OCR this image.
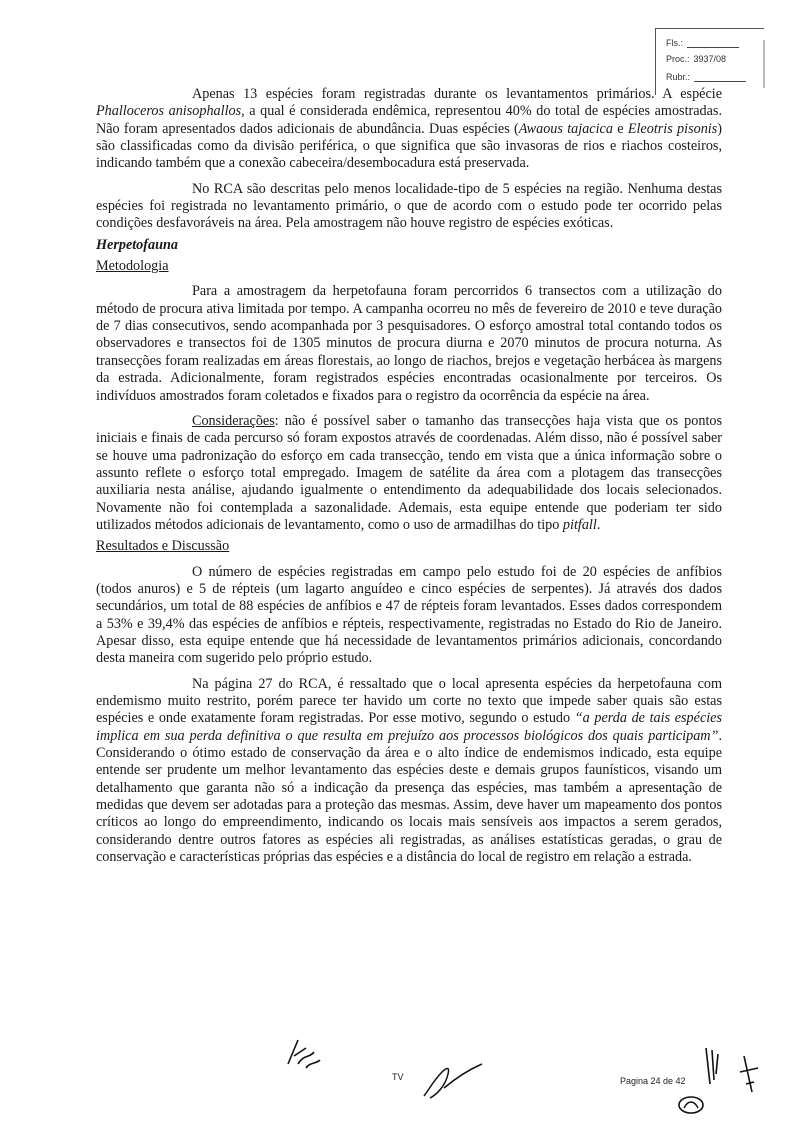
Fls.:
Proc.: 3937/08
Rubr.:

Apenas 13 espécies foram registradas durante os levantamentos primários. A espécie Phalloceros anisophallos, a qual é considerada endêmica, representou 40% do total de espécies amostradas. Não foram apresentados dados adicionais de abundância. Duas espécies (Awaous tajacica e Eleotris pisonis) são classificadas como da divisão periférica, o que significa que são invasoras de rios e riachos costeiros, indicando também que a conexão cabeceira/desembocadura está preservada.

No RCA são descritas pelo menos localidade-tipo de 5 espécies na região. Nenhuma destas espécies foi registrada no levantamento primário, o que de acordo com o estudo pode ter ocorrido pelas condições desfavoráveis na área. Pela amostragem não houve registro de espécies exóticas.

Herpetofauna

Metodologia

Para a amostragem da herpetofauna foram percorridos 6 transectos com a utilização do método de procura ativa limitada por tempo. A campanha ocorreu no mês de fevereiro de 2010 e teve duração de 7 dias consecutivos, sendo acompanhada por 3 pesquisadores. O esforço amostral total contando todos os observadores e transectos foi de 1305 minutos de procura diurna e 2070 minutos de procura noturna. As transecções foram realizadas em áreas florestais, ao longo de riachos, brejos e vegetação herbácea às margens da estrada. Adicionalmente, foram registrados espécies encontradas ocasionalmente por terceiros. Os indivíduos amostrados foram coletados e fixados para o registro da ocorrência da espécie na área.

Considerações: não é possível saber o tamanho das transecções haja vista que os pontos iniciais e finais de cada percurso só foram expostos através de coordenadas. Além disso, não é possível saber se houve uma padronização do esforço em cada transecção, tendo em vista que a única informação sobre o assunto reflete o esforço total empregado. Imagem de satélite da área com a plotagem das transecções auxiliaria nesta análise, ajudando igualmente o entendimento da adequabilidade dos locais selecionados. Novamente não foi contemplada a sazonalidade. Ademais, esta equipe entende que poderiam ter sido utilizados métodos adicionais de levantamento, como o uso de armadilhas do tipo pitfall.

Resultados e Discussão

O número de espécies registradas em campo pelo estudo foi de 20 espécies de anfíbios (todos anuros) e 5 de répteis (um lagarto anguídeo e cinco espécies de serpentes). Já através dos dados secundários, um total de 88 espécies de anfíbios e 47 de répteis foram levantados. Esses dados correspondem a 53% e 39,4% das espécies de anfíbios e répteis, respectivamente, registradas no Estado do Rio de Janeiro. Apesar disso, esta equipe entende que há necessidade de levantamentos primários adicionais, concordando desta maneira com sugerido pelo próprio estudo.

Na página 27 do RCA, é ressaltado que o local apresenta espécies da herpetofauna com endemismo muito restrito, porém parece ter havido um corte no texto que impede saber quais são estas espécies e onde exatamente foram registradas. Por esse motivo, segundo o estudo “a perda de tais espécies implica em sua perda definitiva o que resulta em prejuízo aos processos biológicos dos quais participam”. Considerando o ótimo estado de conservação da área e o alto índice de endemismos indicado, esta equipe entende ser prudente um melhor levantamento das espécies deste e demais grupos faunísticos, visando um detalhamento que garanta não só a indicação da presença das espécies, mas também a apresentação de medidas que devem ser adotadas para a proteção das mesmas. Assim, deve haver um mapeamento dos pontos críticos ao longo do empreendimento, indicando os locais mais sensíveis aos impactos a serem gerados, considerando dentre outros fatores as espécies ali registradas, as análises estatísticas geradas, o grau de conservação e características próprias das espécies e a distância do local de registro em relação a estrada.

TV	Pagina 24 de 42
